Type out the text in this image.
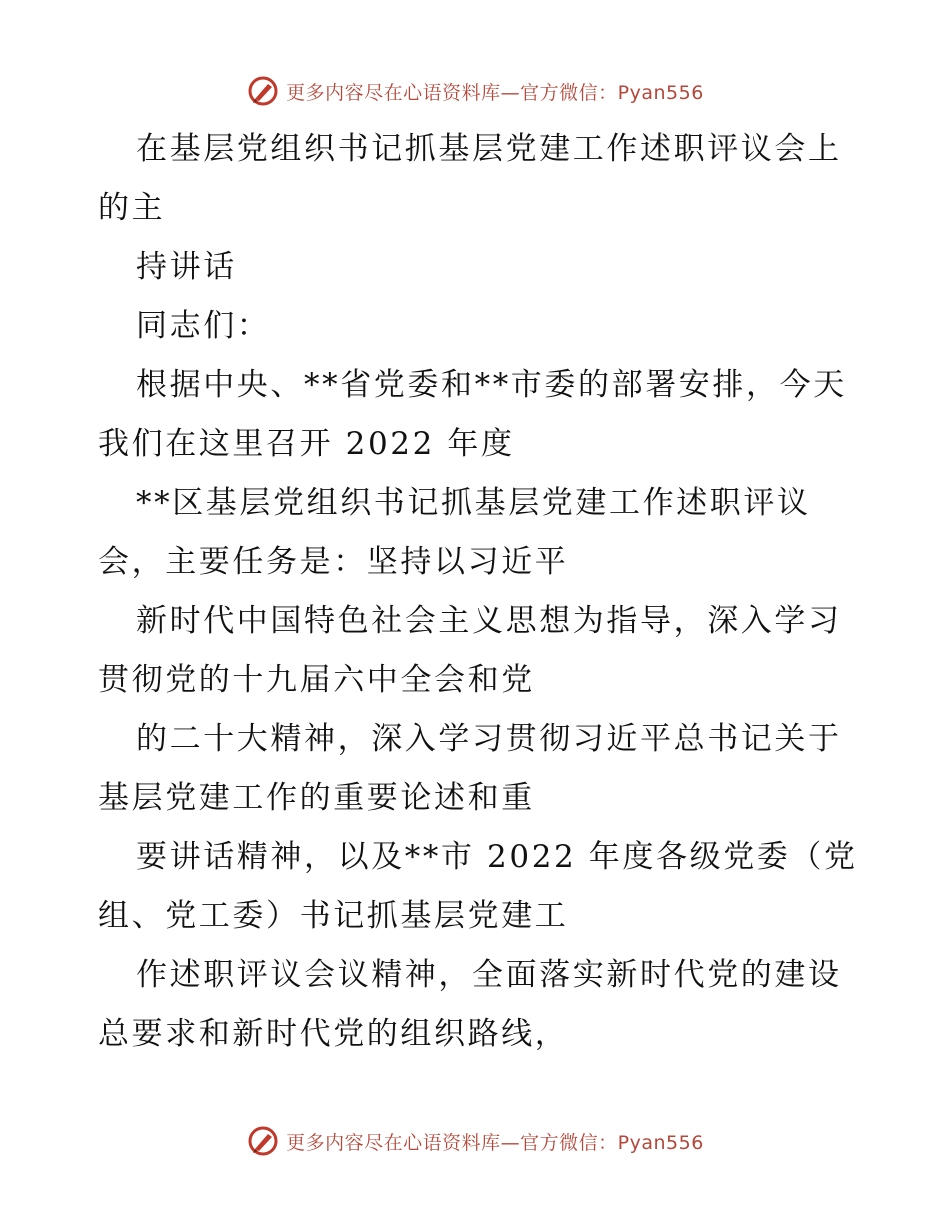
更多内容尽在心语资料库—官方微信：Pyan556
在基层党组织书记抓基层党建工作述职评议会上
的主
持讲话
同志们：
根据中央、**省党委和**市委的部署安排，今天
我们在这里召开 2022 年度
**区基层党组织书记抓基层党建工作述职评议
会，主要任务是：坚持以习近平
新时代中国特色社会主义思想为指导，深入学习
贯彻党的十九届六中全会和党
的二十大精神，深入学习贯彻习近平总书记关于
基层党建工作的重要论述和重
要讲话精神，以及**市 2022 年度各级党委（党
组、党工委）书记抓基层党建工
作述职评议会议精神，全面落实新时代党的建设
总要求和新时代党的组织路线，
更多内容尽在心语资料库—官方微信：Pyan556
